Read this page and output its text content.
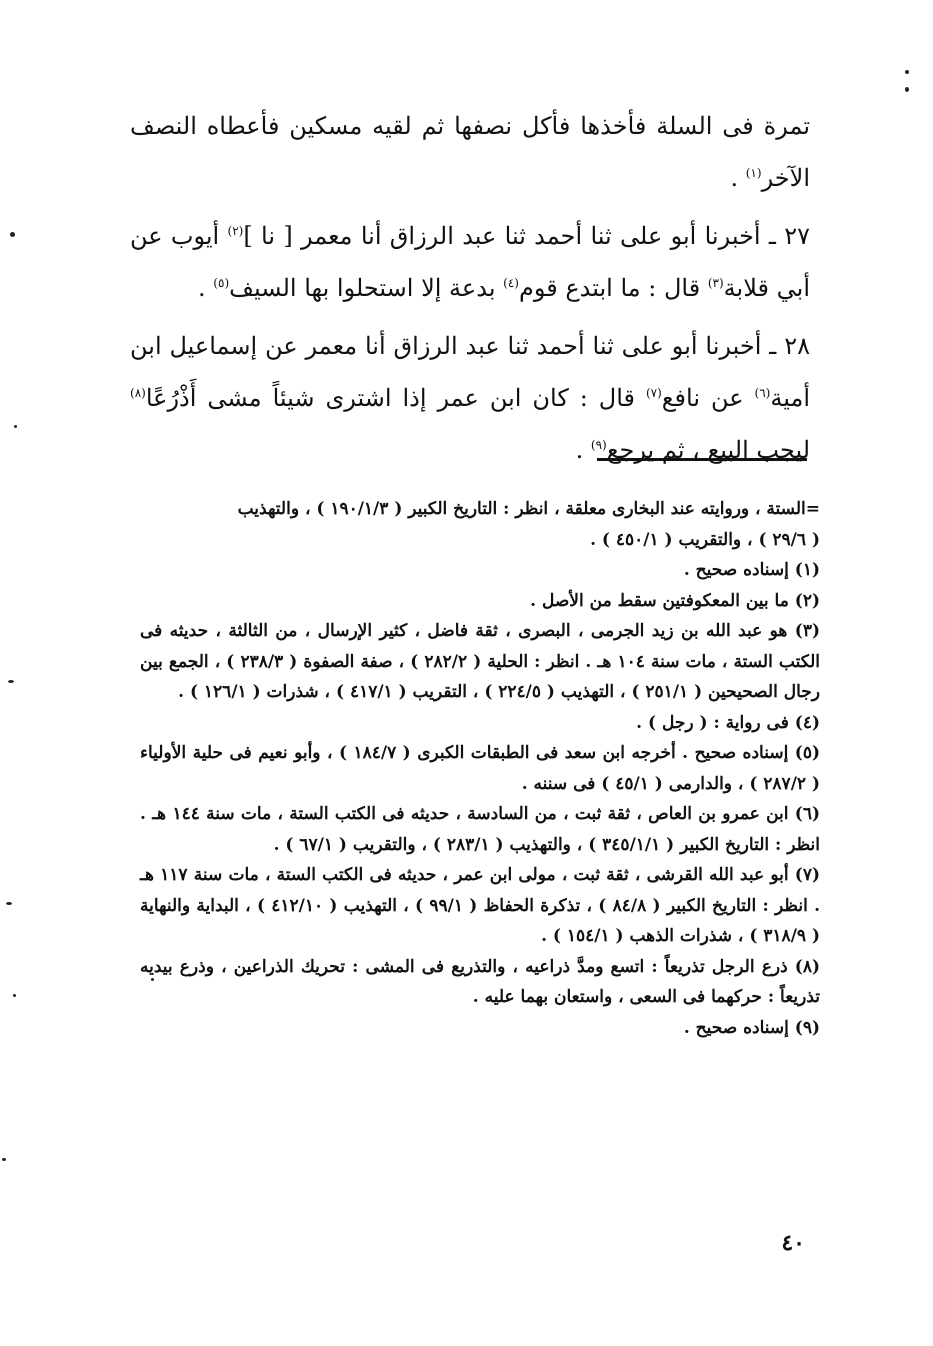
تمرة فى السلة فأخذها فأكل نصفها ثم لقيه مسكين فأعطاه النصف الآخر$^{(١)}$ .

٢٧ ـ أخبرنا أبو على ثنا أحمد ثنا عبد الرزاق أنا معمر [ نا ]$^{(٢)}$ أيوب عن أبي قلابة$^{(٣)}$ قال : ما ابتدع قوم$^{(٤)}$ بدعة إلا استحلوا بها السيف$^{(٥)}$ .

٢٨ ـ أخبرنا أبو على ثنا أحمد ثنا عبد الرزاق أنا معمر عن إسماعيل ابن أمية$^{(٦)}$ عن نافع$^{(٧)}$ قال : كان ابن عمر إذا اشترى شيئاً مشى أَذْرُعًا$^{(٨)}$ ليجب البيع ، ثم يرجع$^{(٩)}$ .

=الستة ، وروايته عند البخارى معلقة ، انظر : التاريخ الكبير ( ١٩٠/١/٣ ) ، والتهذيب
( ٢٩/٦ ) ، والتقريب ( ٤٥٠/١ ) .
(١) إسناده صحيح .
(٢) ما بين المعكوفتين سقط من الأصل .
(٣) هو عبد الله بن زيد الجرمى ، البصرى ، ثقة فاضل ، كثير الإرسال ، من الثالثة ، حديثه فى الكتب الستة ، مات سنة ١٠٤ هـ . انظر : الحلية ( ٢٨٢/٢ ) ، صفة الصفوة ( ٢٣٨/٣ ) ، الجمع بين رجال الصحيحين ( ٢٥١/١ ) ، التهذيب ( ٢٢٤/٥ ) ، التقريب ( ٤١٧/١ ) ، شذرات ( ١٢٦/١ ) .
(٤) فى رواية : ( رجل ) .
(٥) إسناده صحيح . أخرجه ابن سعد فى الطبقات الكبرى ( ١٨٤/٧ ) ، وأبو نعيم فى حلية الأولياء ( ٢٨٧/٢ ) ، والدارمى ( ٤٥/١ ) فى سننه .
(٦) ابن عمرو بن العاص ، ثقة ثبت ، من السادسة ، حديثه فى الكتب الستة ، مات سنة ١٤٤ هـ . انظر : التاريخ الكبير ( ٣٤٥/١/١ ) ، والتهذيب ( ٢٨٣/١ ) ، والتقريب ( ٦٧/١ ) .
(٧) أبو عبد الله القرشى ، ثقة ثبت ، مولى ابن عمر ، حديثه فى الكتب الستة ، مات سنة ١١٧ هـ . انظر : التاريخ الكبير ( ٨٤/٨ ) ، تذكرة الحفاظ ( ٩٩/١ ) ، التهذيب ( ٤١٢/١٠ ) ، البداية والنهاية ( ٣١٨/٩ ) ، شذرات الذهب ( ١٥٤/١ ) .
(٨) ذرع الرجل تذريعاً : اتسع ومدَّ ذراعيه ، والتذريع فى المشى : تحريك الذراعين ، وذرع بيديه تذريعاً : حركهما فى السعى ، واستعان بهما عليه .
(٩) إسناده صحيح .
٤٠
